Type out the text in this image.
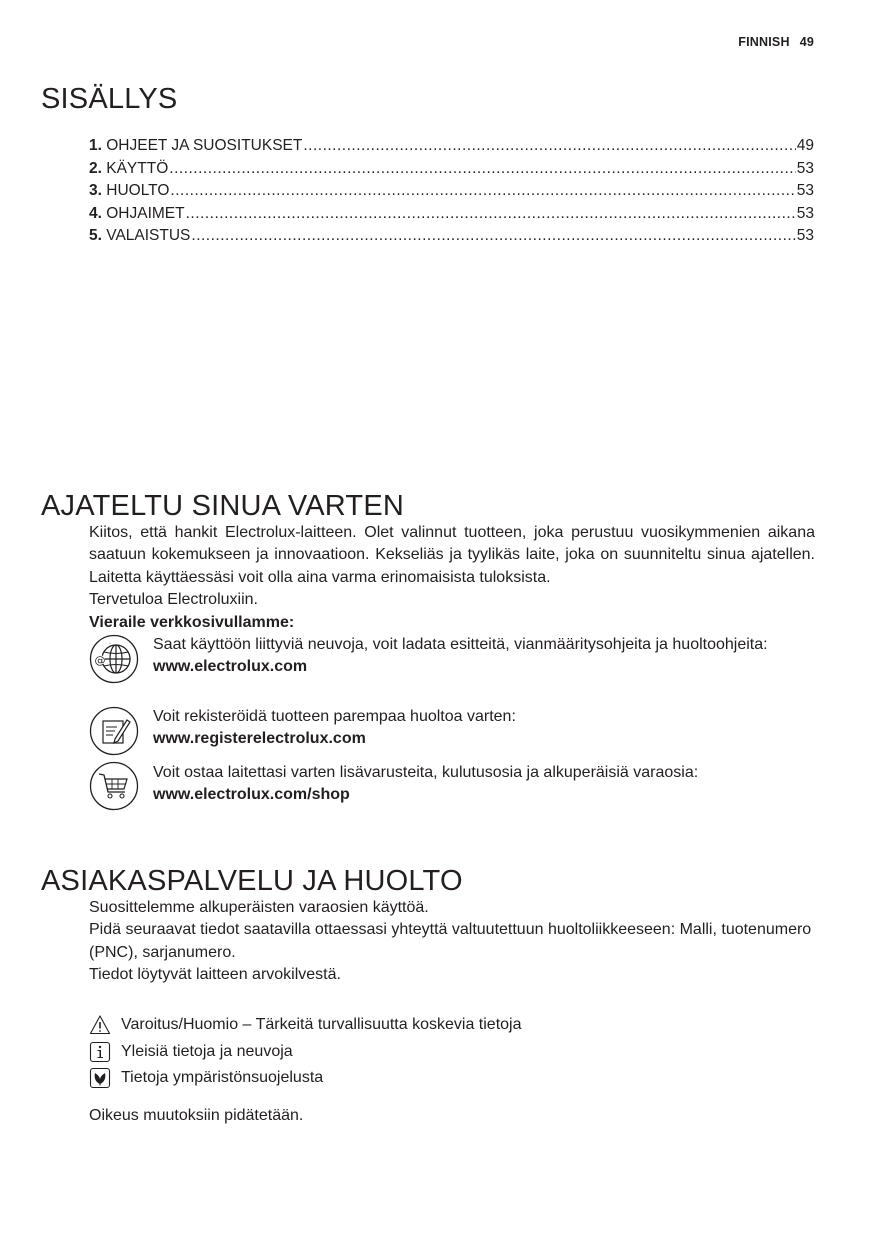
FINNISH 49
SISÄLLYS
1. OHJEET JA SUOSITUKSET .....	49
2. KÄYTTÖ .....	53
3. HUOLTO .....	53
4. OHJAIMET .....	53
5. VALAISTUS .....	53
AJATELTU SINUA VARTEN
Kiitos, että hankit Electrolux-laitteen. Olet valinnut tuotteen, joka perustuu vuosikymmenien aikana saatuun kokemukseen ja innovaatioon. Kekseliäs ja tyylikäs laite, joka on suunniteltu sinua ajatellen. Laitetta käyttäessäsi voit olla aina varma erinomaisista tuloksista.
Tervetuloa Electroluxiin.
Vieraile verkkosivullamme:
@
:	Saat käyttöön liittyviä neuvoja, voit ladata esitteitä, vianmääritysohjeita ja huoltoohjeita:
www.electrolux.com
Voit rekisteröidä tuotteen parempaa huoltoa varten:
www.registerelectrolux.com
Voit ostaa laitettasi varten lisävarusteita, kulutusosia ja alkuperäisiä varaosia:
www.electrolux.com/shop
ASIAKASPALVELU JA HUOLTO
Suosittelemme alkuperäisten varaosien käyttöä.
Pidä seuraavat tiedot saatavilla ottaessasi yhteyttä valtuutettuun huoltoliikkeeseen: Malli, tuotenumero (PNC), sarjanumero.
Tiedot löytyvät laitteen arvokilvestä.
Varoitus/Huomio – Tärkeitä turvallisuutta koskevia tietoja
Yleisiä tietoja ja neuvoja
Tietoja ympäristönsuojelusta
Oikeus muutoksiin pidätetään.
